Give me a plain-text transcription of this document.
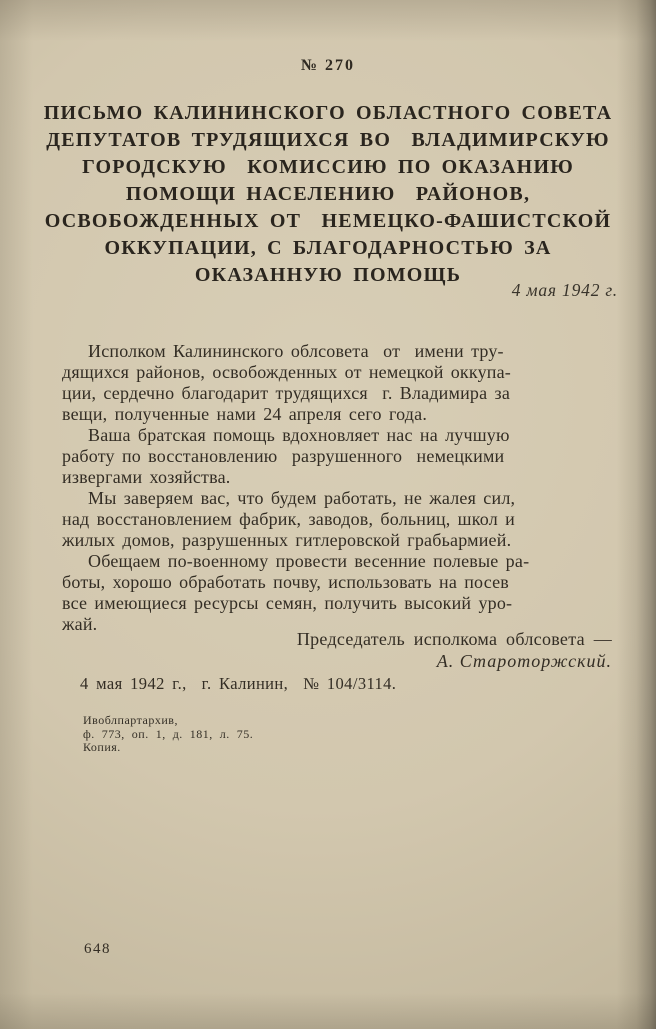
№ 270
ПИСЬМО КАЛИНИНСКОГО ОБЛАСТНОГО СОВЕТА
ДЕПУТАТОВ ТРУДЯЩИХСЯ ВО  ВЛАДИМИРСКУЮ
ГОРОДСКУЮ  КОМИССИЮ ПО ОКАЗАНИЮ
ПОМОЩИ НАСЕЛЕНИЮ  РАЙОНОВ,
ОСВОБОЖДЕННЫХ ОТ  НЕМЕЦКО-ФАШИСТСКОЙ
ОККУПАЦИИ, С БЛАГОДАРНОСТЬЮ ЗА
ОКАЗАННУЮ ПОМОЩЬ
4 мая 1942 г.
Исполком Калининского облсовета  от  имени тру-
дящихся районов, освобожденных от немецкой оккупа-
ции, сердечно благодарит трудящихся  г. Владимира за
вещи, полученные нами 24 апреля сего года.
Ваша братская помощь вдохновляет нас на лучшую
работу по восстановлению  разрушенного  немецкими
извергами хозяйства.
Мы заверяем вас, что будем работать, не жалея сил,
над восстановлением фабрик, заводов, больниц, школ и
жилых домов, разрушенных гитлеровской грабьармией.
Обещаем по-военному провести весенние полевые ра-
боты, хорошо обработать почву, использовать на посев
все имеющиеся ресурсы семян, получить высокий уро-
жай.
Председатель исполкома облсовета —
А. Староторжский.
4 мая 1942 г.,  г. Калинин,  № 104/3114.
Ивоблпартархив,
ф.  773,  оп.  1,  д.  181,  л.  75.
Копия.
648
